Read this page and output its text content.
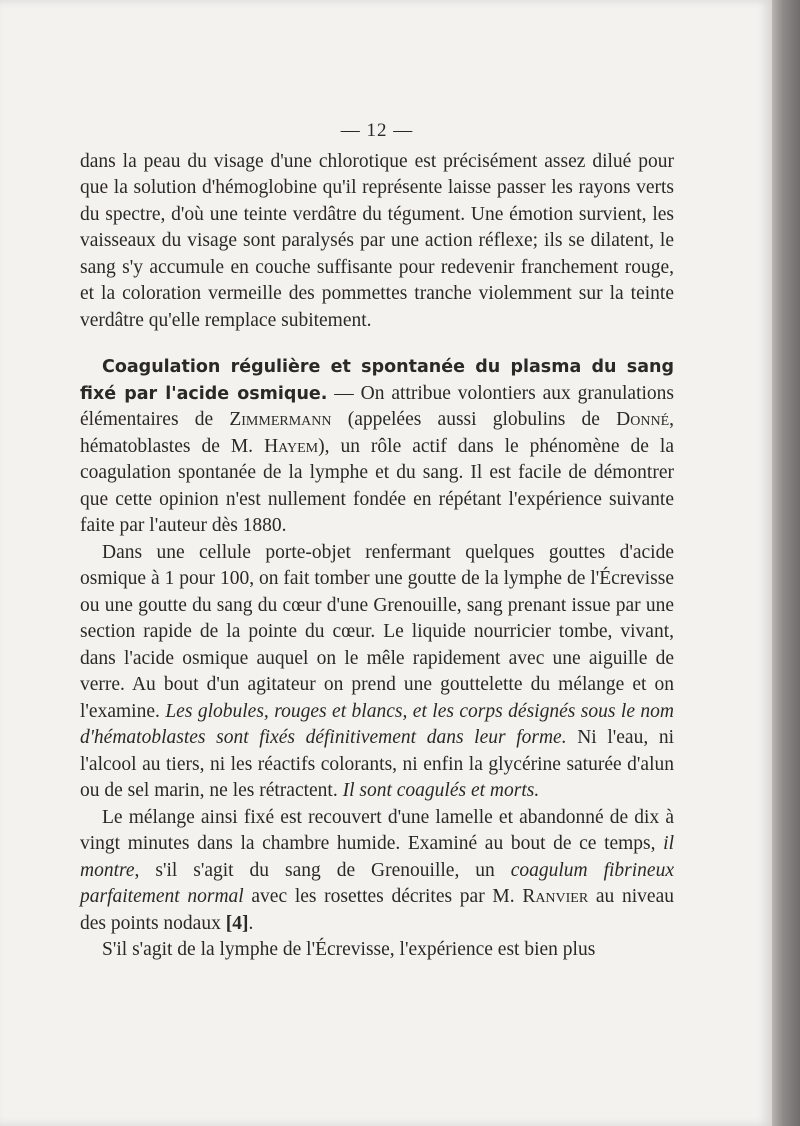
— 12 —

dans la peau du visage d'une chlorotique est précisément assez dilué pour que la solution d'hémoglobine qu'il représente laisse passer les rayons verts du spectre, d'où une teinte verdâtre du tégument. Une émotion survient, les vaisseaux du visage sont paralysés par une action réflexe; ils se dilatent, le sang s'y accumule en couche suffisante pour redevenir franchement rouge, et la coloration vermeille des pommettes tranche violemment sur la teinte verdâtre qu'elle remplace subitement.

Coagulation régulière et spontanée du plasma du sang fixé par l'acide osmique. — On attribue volontiers aux granulations élémentaires de Zimmermann (appelées aussi globulins de Donné, hématoblastes de M. Hayem), un rôle actif dans le phénomène de la coagulation spontanée de la lymphe et du sang. Il est facile de démontrer que cette opinion n'est nullement fondée en répétant l'expérience suivante faite par l'auteur dès 1880.

Dans une cellule porte-objet renfermant quelques gouttes d'acide osmique à 1 pour 100, on fait tomber une goutte de la lymphe de l'Écrevisse ou une goutte du sang du cœur d'une Grenouille, sang prenant issue par une section rapide de la pointe du cœur. Le liquide nourricier tombe, vivant, dans l'acide osmique auquel on le mêle rapidement avec une aiguille de verre. Au bout d'un agitateur on prend une gouttelette du mélange et on l'examine. Les globules, rouges et blancs, et les corps désignés sous le nom d'hématoblastes sont fixés définitivement dans leur forme. Ni l'eau, ni l'alcool au tiers, ni les réactifs colorants, ni enfin la glycérine saturée d'alun ou de sel marin, ne les rétractent. Il sont coagulés et morts.

Le mélange ainsi fixé est recouvert d'une lamelle et abandonné de dix à vingt minutes dans la chambre humide. Examiné au bout de ce temps, il montre, s'il s'agit du sang de Grenouille, un coagulum fibrineux parfaitement normal avec les rosettes décrites par M. Ranvier au niveau des points nodaux [4].

S'il s'agit de la lymphe de l'Écrevisse, l'expérience est bien plus
